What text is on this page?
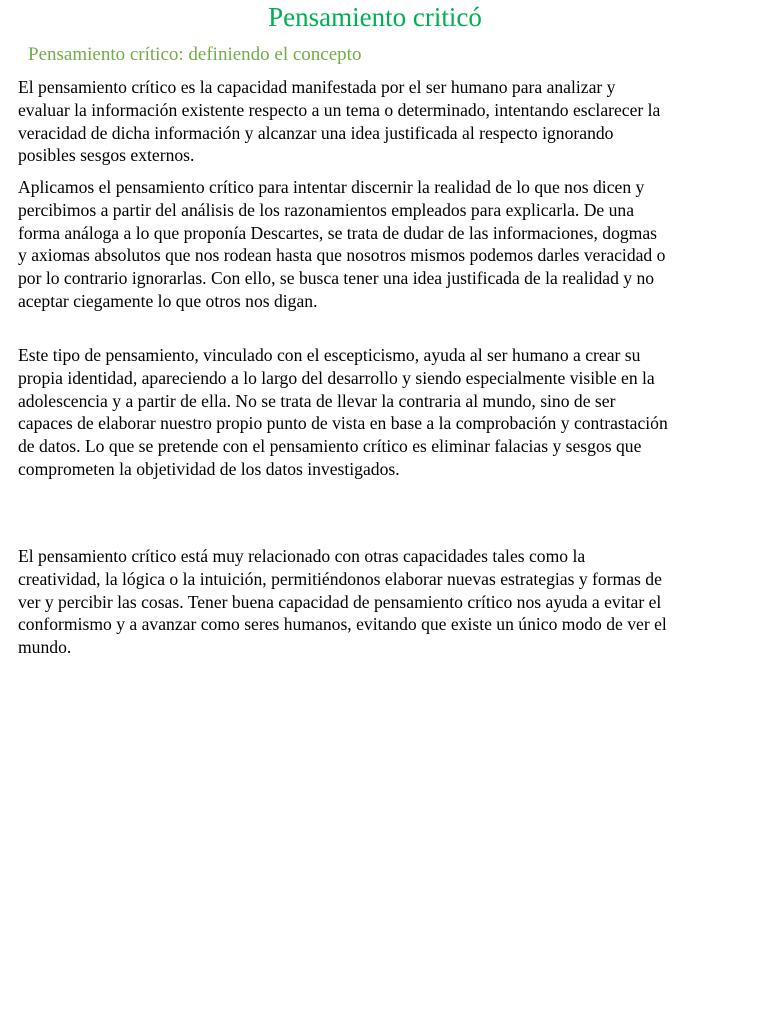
Pensamiento criticó
Pensamiento crítico: definiendo el concepto

El pensamiento crítico es la capacidad manifestada por el ser humano para analizar y evaluar la información existente respecto a un tema o determinado, intentando esclarecer la veracidad de dicha información y alcanzar una idea justificada al respecto ignorando posibles sesgos externos.

Aplicamos el pensamiento crítico para intentar discernir la realidad de lo que nos dicen y percibimos a partir del análisis de los razonamientos empleados para explicarla. De una forma análoga a lo que proponía Descartes, se trata de dudar de las informaciones, dogmas y axiomas absolutos que nos rodean hasta que nosotros mismos podemos darles veracidad o por lo contrario ignorarlas. Con ello, se busca tener una idea justificada de la realidad y no aceptar ciegamente lo que otros nos digan.

Este tipo de pensamiento, vinculado con el escepticismo, ayuda al ser humano a crear su propia identidad, apareciendo a lo largo del desarrollo y siendo especialmente visible en la adolescencia y a partir de ella. No se trata de llevar la contraria al mundo, sino de ser capaces de elaborar nuestro propio punto de vista en base a la comprobación y contrastación de datos. Lo que se pretende con el pensamiento crítico es eliminar falacias y sesgos que comprometen la objetividad de los datos investigados.

El pensamiento crítico está muy relacionado con otras capacidades tales como la creatividad, la lógica o la intuición, permitiéndonos elaborar nuevas estrategias y formas de ver y percibir las cosas. Tener buena capacidad de pensamiento crítico nos ayuda a evitar el conformismo y a avanzar como seres humanos, evitando que existe un único modo de ver el mundo.
